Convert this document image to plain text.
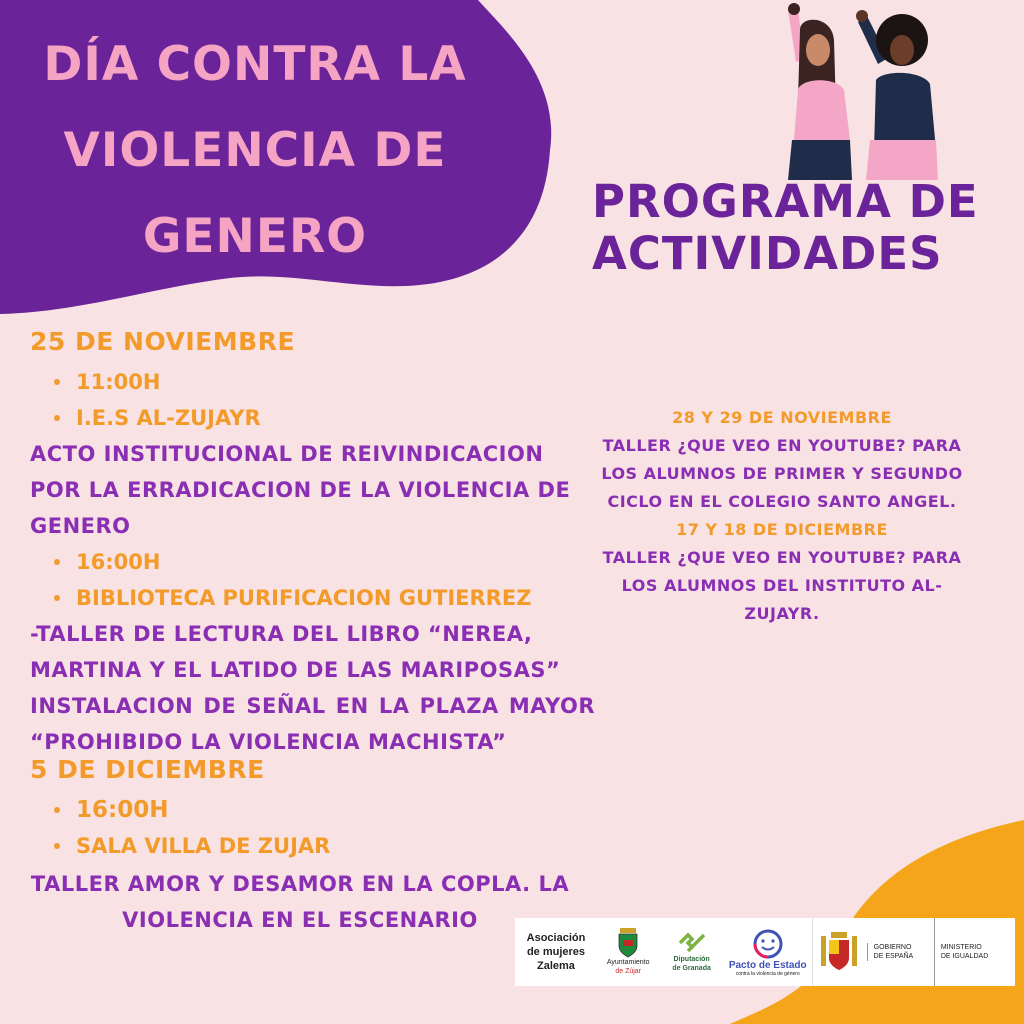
DÍA CONTRA LA
VIOLENCIA DE
GENERO
PROGRAMA DE
ACTIVIDADES
25 DE NOVIEMBRE
11:00H
I.E.S AL-ZUJAYR
ACTO INSTITUCIONAL DE REIVINDICACION POR LA ERRADICACION DE LA VIOLENCIA DE GENERO
16:00H
BIBLIOTECA PURIFICACION GUTIERREZ
-TALLER DE LECTURA DEL LIBRO “NEREA, MARTINA Y EL LATIDO DE LAS MARIPOSAS”
INSTALACION DE SEÑAL EN LA PLAZA MAYOR “PROHIBIDO LA VIOLENCIA MACHISTA”
5 DE DICIEMBRE
16:00H
SALA VILLA DE ZUJAR
TALLER AMOR Y DESAMOR EN LA COPLA. LA VIOLENCIA EN EL ESCENARIO
28 Y 29 DE NOVIEMBRE
TALLER ¿QUE VEO EN YOUTUBE? PARA LOS ALUMNOS DE PRIMER Y SEGUNDO CICLO EN EL COLEGIO SANTO ANGEL.
17 Y 18 DE DICIEMBRE
TALLER ¿QUE VEO EN YOUTUBE? PARA LOS ALUMNOS DEL INSTITUTO AL-ZUJAYR.
Asociación
de mujeres
Zalema	Ayuntamiento
de Zújar
Diputación
de Granada Pacto de Estado
contra la violencia de género
GOBIERNO
DE ESPAÑA
MINISTERIO
DE IGUALDAD
